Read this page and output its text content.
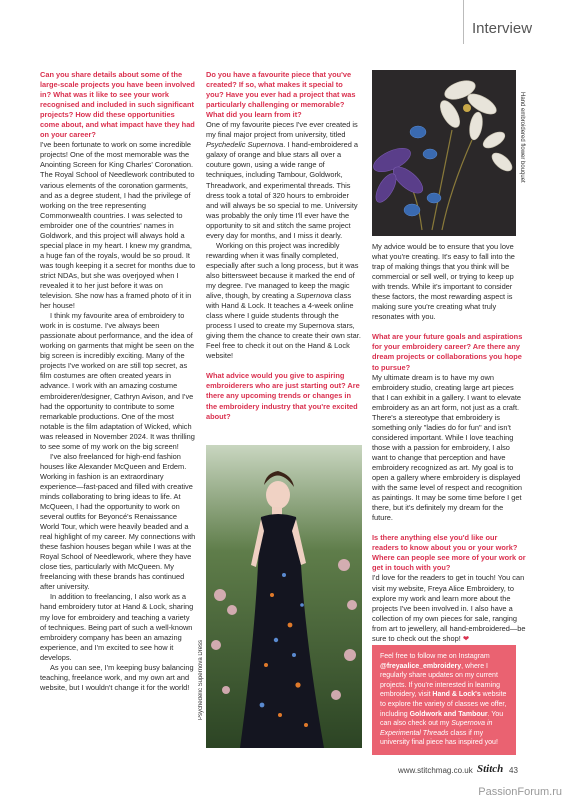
Interview

Can you share details about some of the large-scale projects you have been involved in? What was it like to see your work recognised and included in such significant projects? How did these opportunities come about, and what impact have they had on your career?

I've been fortunate to work on some incredible projects! One of the most memorable was the Anointing Screen for King Charles' Coronation. The Royal School of Needlework contributed to various elements of the coronation garments, and as a degree student, I had the privilege of working on the tree representing Commonwealth countries. I was selected to embroider one of the countries' names in Goldwork, and this project will always hold a special place in my heart. I knew my grandma, a huge fan of the royals, would be so proud. It was tough keeping it a secret for months due to strict NDAs, but she was overjoyed when I revealed it to her just before it was on television. She now has a framed photo of it in her house!

I think my favourite area of embroidery to work in is costume. I've always been passionate about performance, and the idea of working on garments that might be seen on the big screen is incredibly exciting. Many of the projects I've worked on are still top secret, as film costumes are often created years in advance. I work with an amazing costume embroiderer/designer, Cathryn Avison, and I've had the opportunity to contribute to some remarkable productions. One of the most notable is the film adaptation of Wicked, which was released in November 2024. It was thrilling to see some of my work on the big screen!

I've also freelanced for high-end fashion houses like Alexander McQueen and Erdem. Working in fashion is an extraordinary experience—fast-paced and filled with creative minds collaborating to bring ideas to life. At McQueen, I had the opportunity to work on several outfits for Beyoncé's Renaissance World Tour, which were heavily beaded and a real highlight of my career. My connections with these fashion houses began while I was at the Royal School of Needlework, where they have close ties, particularly with McQueen. My freelancing with these brands has continued after university.

In addition to freelancing, I also work as a hand embroidery tutor at Hand & Lock, sharing my love for embroidery and teaching a variety of techniques. Being part of such a well-known embroidery company has been an amazing experience, and I'm excited to see how it develops.

As you can see, I'm keeping busy balancing teaching, freelance work, and my own art and website, but I wouldn't change it for the world!

Do you have a favourite piece that you've created? If so, what makes it special to you? Have you ever had a project that was particularly challenging or memorable? What did you learn from it?

One of my favourite pieces I've ever created is my final major project from university, titled Psychedelic Supernova. I hand-embroidered a galaxy of orange and blue stars all over a couture gown, using a wide range of techniques, including Tambour, Goldwork, Threadwork, and experimental threads. This dress took a total of 320 hours to embroider and will always be so special to me. University was probably the only time I'll ever have the opportunity to sit and stitch the same project every day for months, and I miss it dearly.

Working on this project was incredibly rewarding when it was finally completed, especially after such a long process, but it was also bittersweet because it marked the end of my degree. I've managed to keep the magic alive, though, by creating a Supernova class with Hand & Lock. It teaches a 4-week online class where I guide students through the process I used to create my Supernova stars, giving them the chance to create their own star. Feel free to check it out on the Hand & Lock website!

What advice would you give to aspiring embroiderers who are just starting out? Are there any upcoming trends or changes in the embroidery industry that you're excited about?

Hand embroidered flower bouquet

My advice would be to ensure that you love what you're creating. It's easy to fall into the trap of making things that you think will be commercial or sell well, or trying to keep up with trends. While it's important to consider these factors, the most rewarding aspect is making sure you're creating what truly resonates with you.

What are your future goals and aspirations for your embroidery career? Are there any dream projects or collaborations you hope to pursue?

My ultimate dream is to have my own embroidery studio, creating large art pieces that I can exhibit in a gallery. I want to elevate embroidery as an art form, not just as a craft. There's a stereotype that embroidery is something only "ladies do for fun" and isn't considered important. While I love teaching those with a passion for embroidery, I also want to change that perception and have embroidery recognized as art. My goal is to open a gallery where embroidery is displayed with the same level of respect and recognition as paintings. It may be some time before I get there, but it's definitely my dream for the future.

Is there anything else you'd like our readers to know about you or your work? Where can people see more of your work or get in touch with you?

I'd love for the readers to get in touch! You can visit my website, Freya Alice Embroidery, to explore my work and learn more about the projects I've been involved in. I also have a collection of my own pieces for sale, ranging from art to jewellery, all hand-embroidered—be sure to check out the shop! ❤

Psychedelic Supernova Dress	Feel free to follow me on Instagram @freyaalice_embroidery, where I regularly share updates on my current projects. If you're interested in learning embroidery, visit Hand & Lock's website to explore the variety of classes we offer, including Goldwork and Tambour. You can also check out my Supernova in Experimental Threads class if my university final piece has inspired you!
www.stitchmag.co.uk Stitch 43
PassionForum.ru
